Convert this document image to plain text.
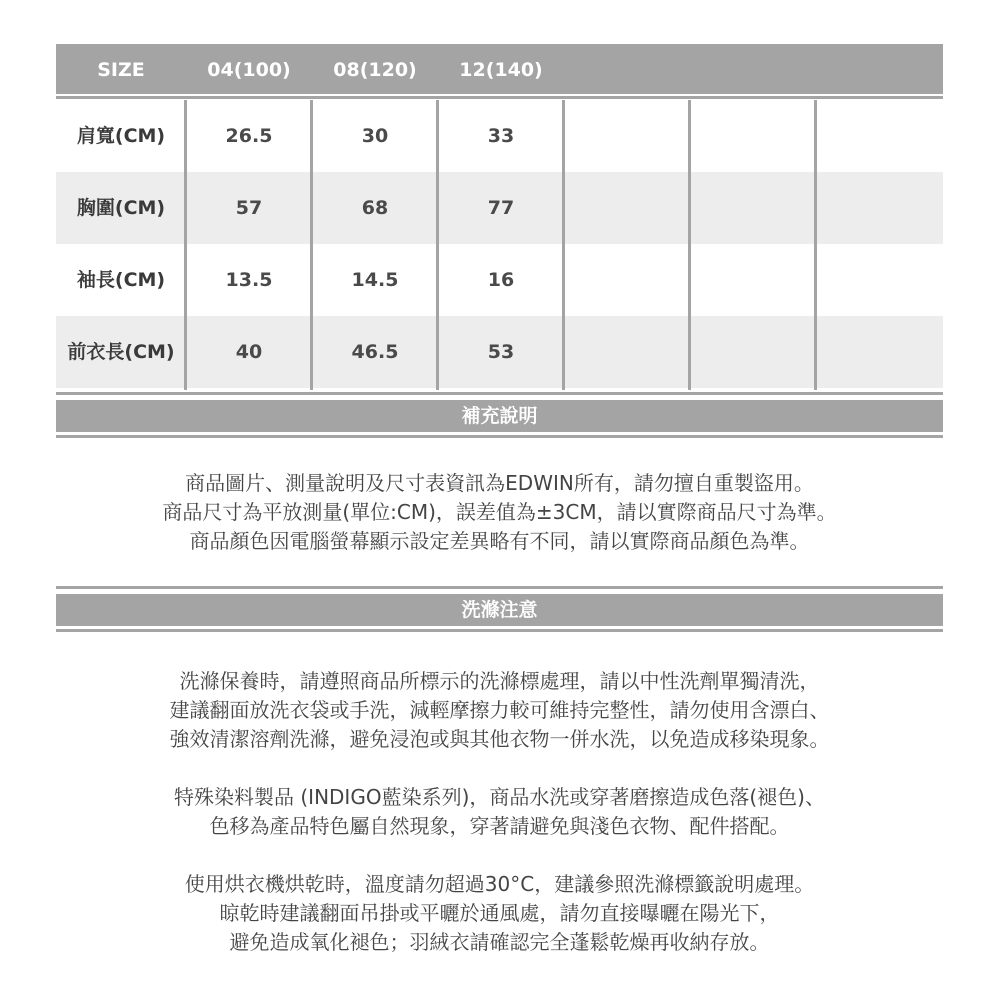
SIZE	04(100)	08(120)	12(140)
肩寬(CM)	26.5	30	33
胸圍(CM)	57	68	77
袖長(CM)	13.5	14.5	16
前衣長(CM)	40	46.5	53
補充說明
商品圖片、測量說明及尺寸表資訊為EDWIN所有，請勿擅自重製盜用。
商品尺寸為平放測量(單位:CM)，誤差值為±3CM，請以實際商品尺寸為準。
商品顏色因電腦螢幕顯示設定差異略有不同，請以實際商品顏色為準。
洗滌注意
洗滌保養時，請遵照商品所標示的洗滌標處理，請以中性洗劑單獨清洗，
建議翻面放洗衣袋或手洗，減輕摩擦力較可維持完整性，請勿使用含漂白、
強效清潔溶劑洗滌，避免浸泡或與其他衣物一併水洗，以免造成移染現象。
特殊染料製品 (INDIGO藍染系列)，商品水洗或穿著磨擦造成色落(褪色)、
色移為產品特色屬自然現象，穿著請避免與淺色衣物、配件搭配。
使用烘衣機烘乾時，溫度請勿超過30°C，建議參照洗滌標籤說明處理。
晾乾時建議翻面吊掛或平曬於通風處，請勿直接曝曬在陽光下，
避免造成氧化褪色；羽絨衣請確認完全蓬鬆乾燥再收納存放。
